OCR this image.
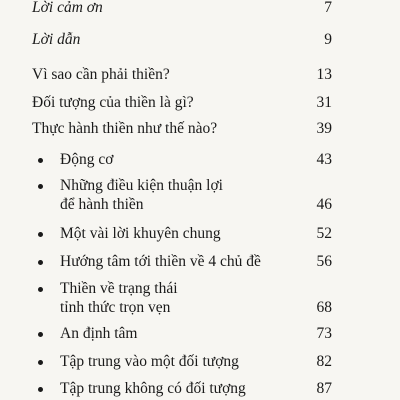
Lời cảm ơn	7
Lời dẫn	9
Vì sao cần phải thiền?	13
Đối tượng của thiền là gì?	31
Thực hành thiền như thế nào?	39
Động cơ	43
Những điều kiện thuận lợi
để hành thiền	46
Một vài lời khuyên chung	52
Hướng tâm tới thiền về 4 chủ đề	56
Thiền về trạng thái
tỉnh thức trọn vẹn	68
An định tâm	73
Tập trung vào một đối tượng	82
Tập trung không có đối tượng	87
